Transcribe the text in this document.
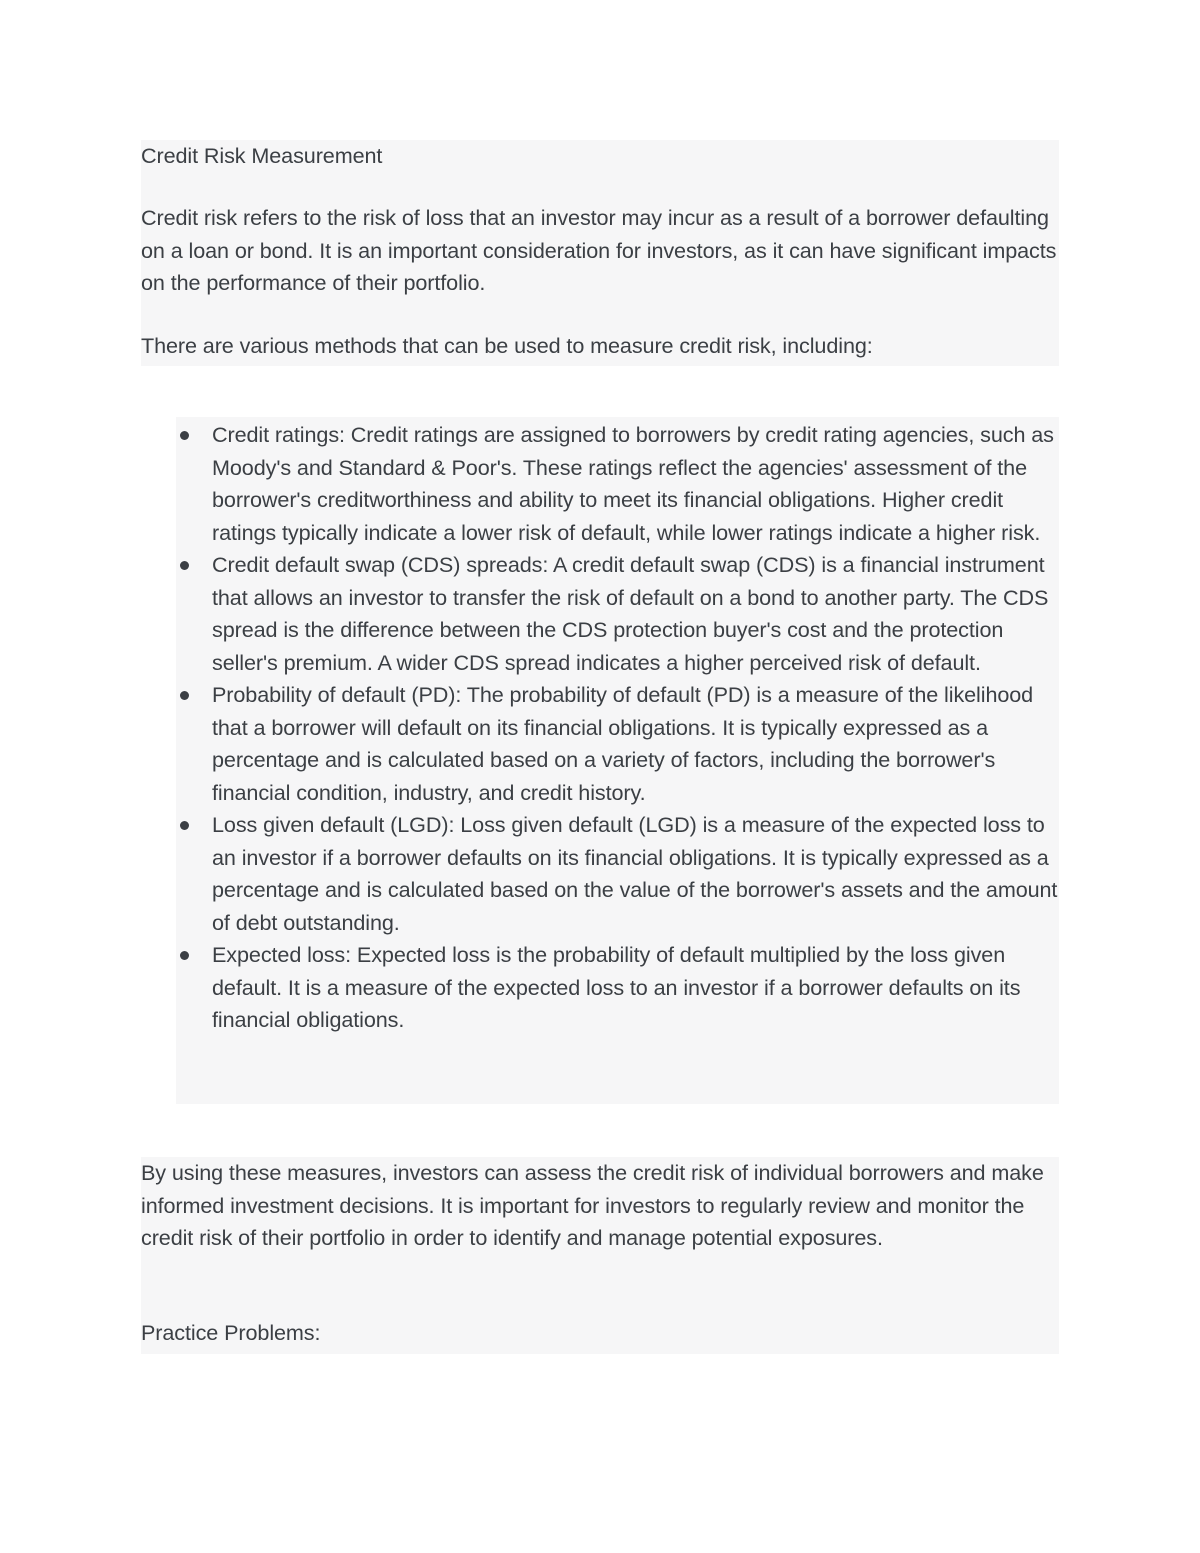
Credit Risk Measurement

Credit risk refers to the risk of loss that an investor may incur as a result of a borrower defaulting on a loan or bond. It is an important consideration for investors, as it can have significant impacts on the performance of their portfolio.

There are various methods that can be used to measure credit risk, including:

Credit ratings: Credit ratings are assigned to borrowers by credit rating agencies, such as Moody's and Standard & Poor's. These ratings reflect the agencies' assessment of the borrower's creditworthiness and ability to meet its financial obligations. Higher credit ratings typically indicate a lower risk of default, while lower ratings indicate a higher risk.
Credit default swap (CDS) spreads: A credit default swap (CDS) is a financial instrument that allows an investor to transfer the risk of default on a bond to another party. The CDS spread is the difference between the CDS protection buyer's cost and the protection seller's premium. A wider CDS spread indicates a higher perceived risk of default.
Probability of default (PD): The probability of default (PD) is a measure of the likelihood that a borrower will default on its financial obligations. It is typically expressed as a percentage and is calculated based on a variety of factors, including the borrower's financial condition, industry, and credit history.
Loss given default (LGD): Loss given default (LGD) is a measure of the expected loss to an investor if a borrower defaults on its financial obligations. It is typically expressed as a percentage and is calculated based on the value of the borrower's assets and the amount of debt outstanding.
Expected loss: Expected loss is the probability of default multiplied by the loss given default. It is a measure of the expected loss to an investor if a borrower defaults on its financial obligations.

By using these measures, investors can assess the credit risk of individual borrowers and make informed investment decisions. It is important for investors to regularly review and monitor the credit risk of their portfolio in order to identify and manage potential exposures.

Practice Problems:
